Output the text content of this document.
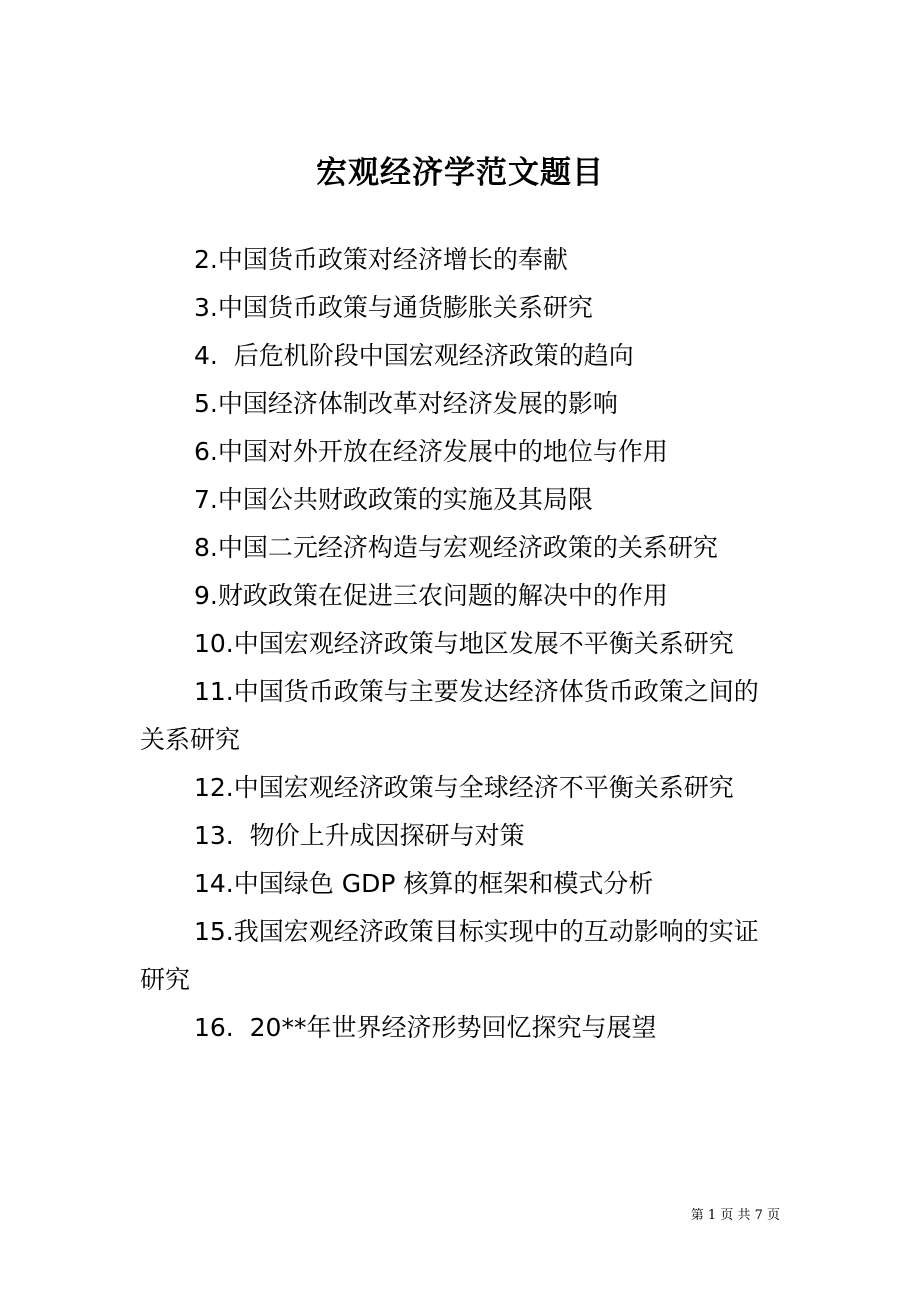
宏观经济学范文题目

2.中国货币政策对经济增长的奉献

3.中国货币政策与通货膨胀关系研究

4.  后危机阶段中国宏观经济政策的趋向

5.中国经济体制改革对经济发展的影响

6.中国对外开放在经济发展中的地位与作用

7.中国公共财政政策的实施及其局限

8.中国二元经济构造与宏观经济政策的关系研究

9.财政政策在促进三农问题的解决中的作用

10.中国宏观经济政策与地区发展不平衡关系研究

11.中国货币政策与主要发达经济体货币政策之间的关系研究

12.中国宏观经济政策与全球经济不平衡关系研究

13.  物价上升成因探研与对策

14.中国绿色 GDP 核算的框架和模式分析

15.我国宏观经济政策目标实现中的互动影响的实证研究

16.  20**年世界经济形势回忆探究与展望

第 1 页 共 7 页
